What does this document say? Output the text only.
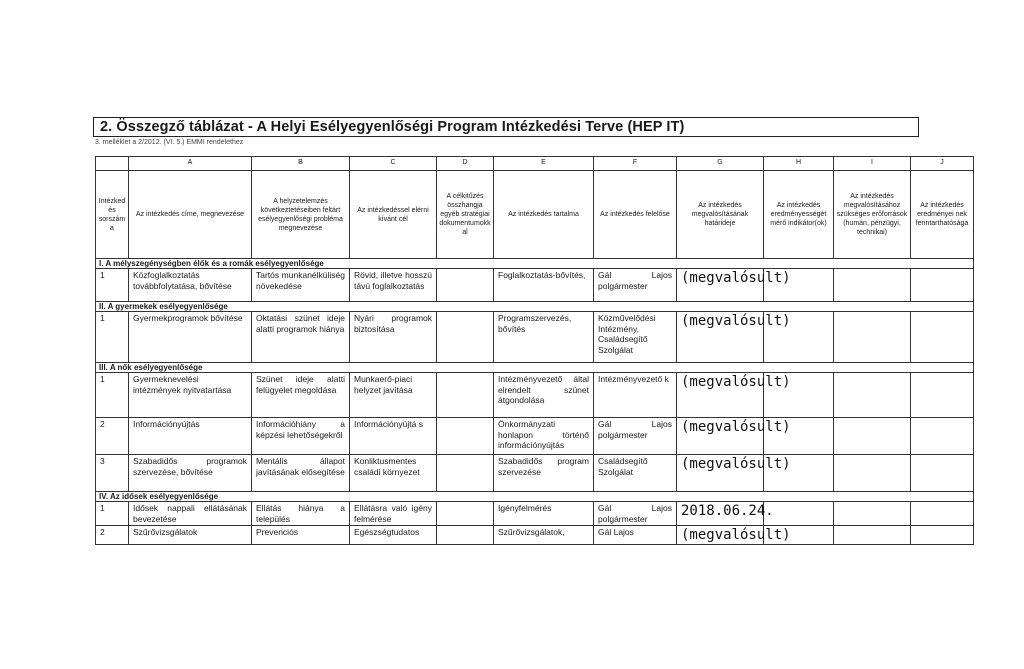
2. Összegző táblázat - A Helyi Esélyegyenlőségi Program Intézkedési Terve (HEP IT)
3. melléklet a 2/2012. (VI. 5.) EMMI rendelethez
	A	B	C	D	E	F	G	H	I	J
Intézkedés sorszáma	Az intézkedés címe, megnevezése	A helyzetelemzés következtetéseiben feltárt esélyegyenlőségi probléma megnevezése	Az intézkedéssel elérni kívánt cél	A célkitűzés összhangja egyéb stratégiai dokumentumokkal	Az intézkedés tartalma	Az intézkedés felelőse	Az intézkedés megvalósításának határideje	Az intézkedés eredményességét mérő indikátor(ok)	Az intézkedés megvalósításához szükséges erőforrások (humán, pénzügyi, technikai)	Az intézkedés eredményei nek fenntarthatósága
I. A mélyszegénységben élők és a romák esélyegyenlősége										
1	Közfoglalkoztatás továbbfolytatása, bővítése	Tartós munkanélküliség növekedése	Rövid, illetve hosszú távú foglalkoztatás		Foglalkoztatás-bővítés,	Gál Lajos polgármester	(megvalósult)			
II. A gyermekek esélyegyenlősége										
1	Gyermekprogramok bővítése	Oktatási szünet ideje alatti programok hiánya	Nyári programok biztosítása		Programszervezés, bővítés	Közművelődési Intézmény, Családsegítő Szolgálat	(megvalósult)			
III. A nők esélyegyenlősége										
1	Gyermeknevelési intézmények nyitvatartása	Szünet ideje alatti felügyelet megoldása	Munkaerő-piaci helyzet javítása		Intézményvezető által elrendelt szünet átgondolása	Intézményvezető k	(megvalósult)			
2	Információnyújtás	Információhiány a képzési lehetőségekről	Információnyújtá s		Önkormányzati honlapon történő információnyújtás	Gál Lajos polgármester	(megvalósult)			
3	Szabadidős programok szervezése, bővítése	Mentális állapot javításának elősegítése	Konliktusmentes családi környezet		Szabadidős program szervezése	Családsegítő Szolgálat	(megvalósult)			
IV. Az idősek esélyegyenlősége										
1	Idősek nappali ellátásának bevezetése	Ellátás hiánya a település	Ellátásra való igény felmérése		Igényfelmérés	Gál Lajos polgármester	2018.06.24.			
2	Szűrővizsgálatok	Prevenciós	Egészségtudatos		Szűrővizsgálatok,	Gál Lajos	(megvalósult)			
